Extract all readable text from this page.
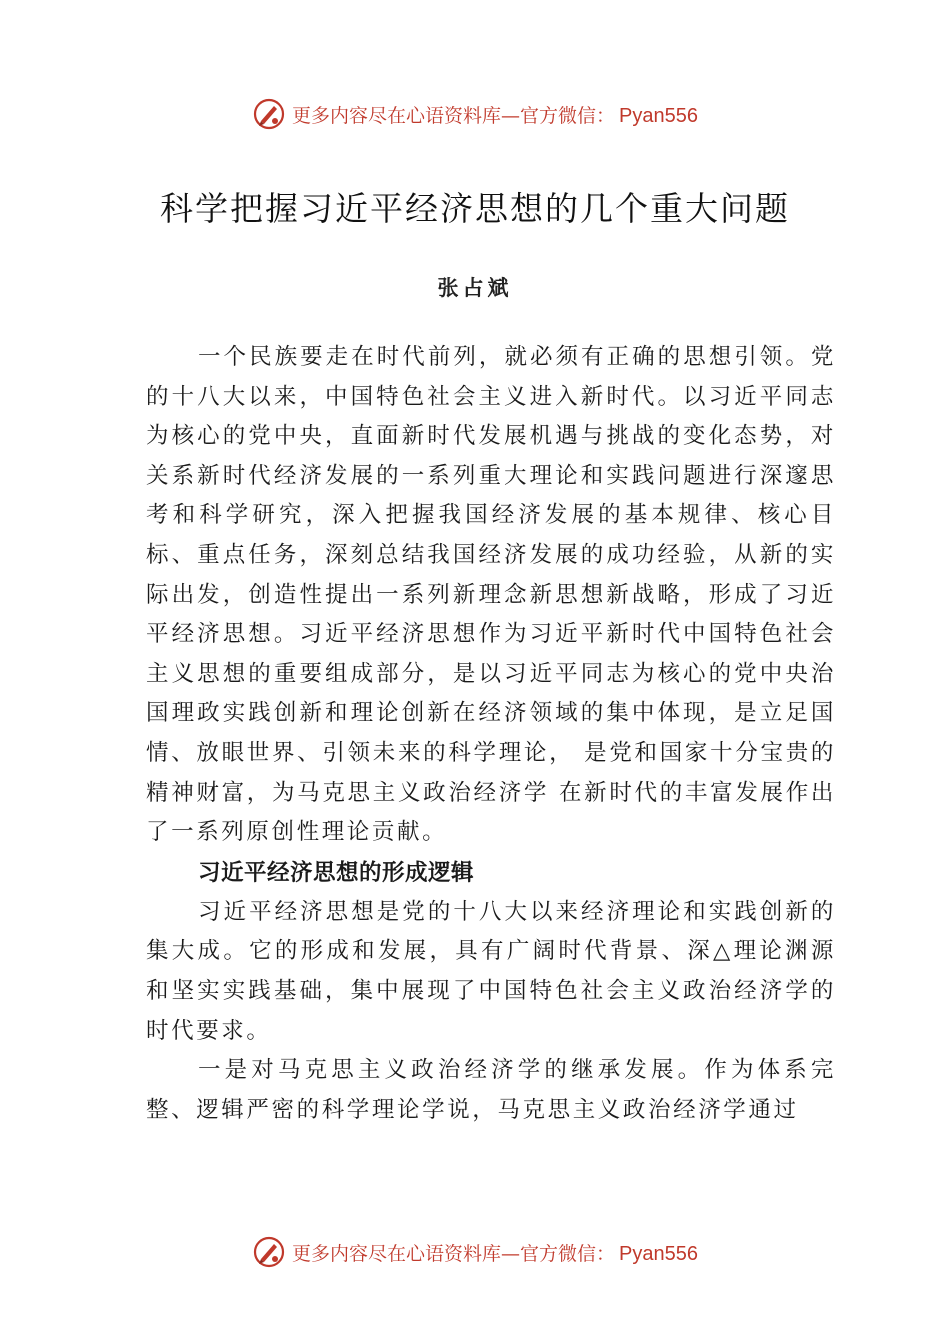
更多内容尽在心语资料库—官方微信： Pyan556
科学把握习近平经济思想的几个重大问题
张占斌

一个民族要走在时代前列，就必须有正确的思想引领。党的十八大以来，中国特色社会主义进入新时代。以习近平同志为核心的党中央，直面新时代发展机遇与挑战的变化态势，对关系新时代经济发展的一系列重大理论和实践问题进行深邃思考和科学研究，深入把握我国经济发展的基本规律、核心目标、重点任务，深刻总结我国经济发展的成功经验，从新的实际出发，创造性提出一系列新理念新思想新战略，形成了习近平经济思想。习近平经济思想作为习近平新时代中国特色社会主义思想的重要组成部分，是以习近平同志为核心的党中央治国理政实践创新和理论创新在经济领域的集中体现，是立足国情、放眼世界、引领未来的科学理论， 是党和国家十分宝贵的精神财富，为马克思主义政治经济学 在新时代的丰富发展作出了一系列原创性理论贡献。

习近平经济思想的形成逻辑

习近平经济思想是党的十八大以来经济理论和实践创新的集大成。它的形成和发展，具有广阔时代背景、深△理论渊源和坚实实践基础，集中展现了中国特色社会主义政治经济学的时代要求。

一是对马克思主义政治经济学的继承发展。作为体系完整、逻辑严密的科学理论学说，马克思主义政治经济学通过

更多内容尽在心语资料库—官方微信： Pyan556
